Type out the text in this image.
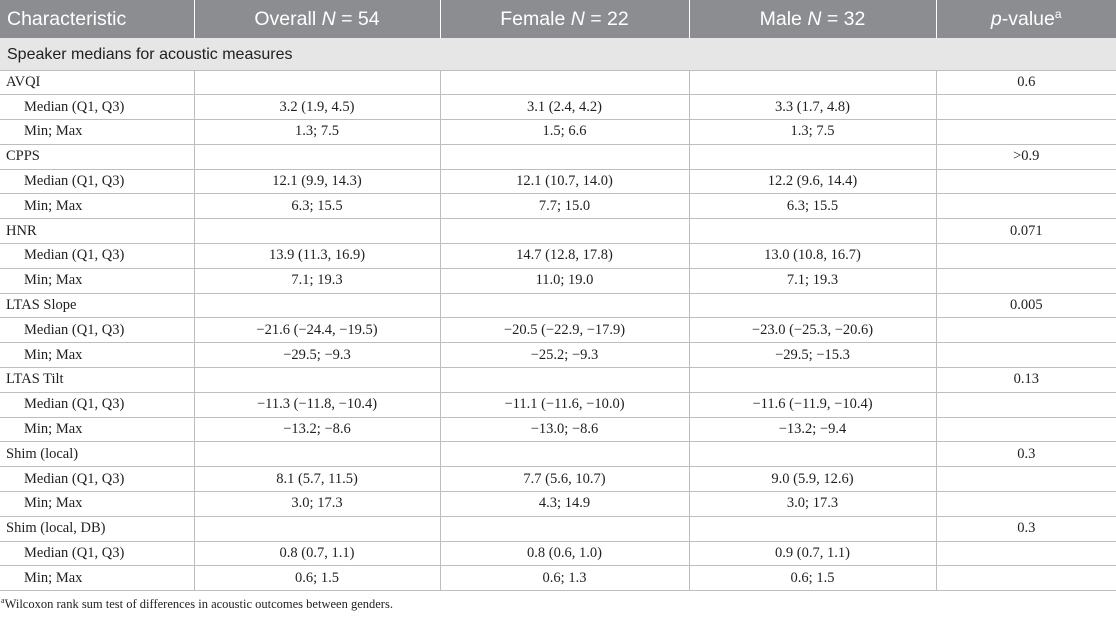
Characteristic	Overall N = 54	Female N = 22	Male N = 32	p-value$^a$
Speaker medians for acoustic measures				
AVQI				0.6
Median (Q1, Q3)	3.2 (1.9, 4.5)	3.1 (2.4, 4.2)	3.3 (1.7, 4.8)	
Min; Max	1.3; 7.5	1.5; 6.6	1.3; 7.5	
CPPS				>0.9
Median (Q1, Q3)	12.1 (9.9, 14.3)	12.1 (10.7, 14.0)	12.2 (9.6, 14.4)	
Min; Max	6.3; 15.5	7.7; 15.0	6.3; 15.5	
HNR				0.071
Median (Q1, Q3)	13.9 (11.3, 16.9)	14.7 (12.8, 17.8)	13.0 (10.8, 16.7)	
Min; Max	7.1; 19.3	11.0; 19.0	7.1; 19.3	
LTAS Slope				0.005
Median (Q1, Q3)	−21.6 (−24.4, −19.5)	−20.5 (−22.9, −17.9)	−23.0 (−25.3, −20.6)	
Min; Max	−29.5; −9.3	−25.2; −9.3	−29.5; −15.3	
LTAS Tilt				0.13
Median (Q1, Q3)	−11.3 (−11.8, −10.4)	−11.1 (−11.6, −10.0)	−11.6 (−11.9, −10.4)	
Min; Max	−13.2; −8.6	−13.0; −8.6	−13.2; −9.4	
Shim (local)				0.3
Median (Q1, Q3)	8.1 (5.7, 11.5)	7.7 (5.6, 10.7)	9.0 (5.9, 12.6)	
Min; Max	3.0; 17.3	4.3; 14.9	3.0; 17.3	
Shim (local, DB)				0.3
Median (Q1, Q3)	0.8 (0.7, 1.1)	0.8 (0.6, 1.0)	0.9 (0.7, 1.1)	
Min; Max	0.6; 1.5	0.6; 1.3	0.6; 1.5	
$^a$Wilcoxon rank sum test of differences in acoustic outcomes between genders.
